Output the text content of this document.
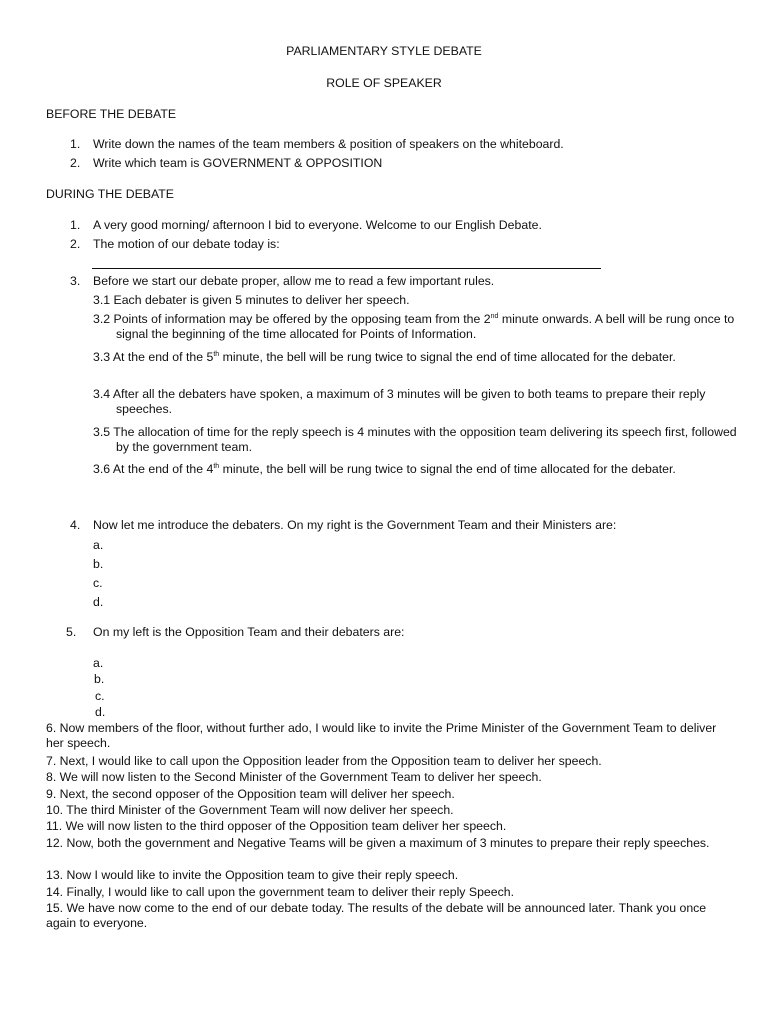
PARLIAMENTARY STYLE DEBATE
ROLE OF SPEAKER
BEFORE THE DEBATE
1. Write down the names of the team members & position of speakers on the whiteboard.
2. Write which team is GOVERNMENT & OPPOSITION
DURING THE DEBATE
1. A very good morning/ afternoon I bid to everyone. Welcome to our English Debate.
2. The motion of our debate today is:
3. Before we start our debate proper, allow me to read a few important rules.
3.1 Each debater is given 5 minutes to deliver her speech.
3.2 Points of information may be offered by the opposing team from the 2nd minute onwards. A bell will be rung once to signal the beginning of the time allocated for Points of Information.
3.3 At the end of the 5th minute, the bell will be rung twice to signal the end of time allocated for the debater.
3.4 After all the debaters have spoken, a maximum of 3 minutes will be given to both teams to prepare their reply speeches.
3.5 The allocation of time for the reply speech is 4 minutes with the opposition team delivering its speech first, followed by the government team.
3.6 At the end of the 4th minute, the bell will be rung twice to signal the end of time allocated for the debater.
4. Now let me introduce the debaters. On my right is the Government Team and their Ministers are:
a.
b.
c.
d.
5. On my left is the Opposition Team and their debaters are:
a.
b.
c.
d.
6. Now members of the floor, without further ado, I would like to invite the Prime Minister of the Government Team to deliver her speech.
7. Next, I would like to call upon the Opposition leader from the Opposition team to deliver her speech.
8. We will now listen to the Second Minister of the Government Team to deliver her speech.
9. Next, the second opposer of the Opposition team will deliver her speech.
10. The third Minister of the Government Team will now deliver her speech.
11. We will now listen to the third opposer of the Opposition team deliver her speech.
12. Now, both the government and Negative Teams will be given a maximum of 3 minutes to prepare their reply speeches.
13. Now I would like to invite the Opposition team to give their reply speech.
14. Finally, I would like to call upon the government team to deliver their reply Speech.
15. We have now come to the end of our debate today. The results of the debate will be announced later. Thank you once again to everyone.
